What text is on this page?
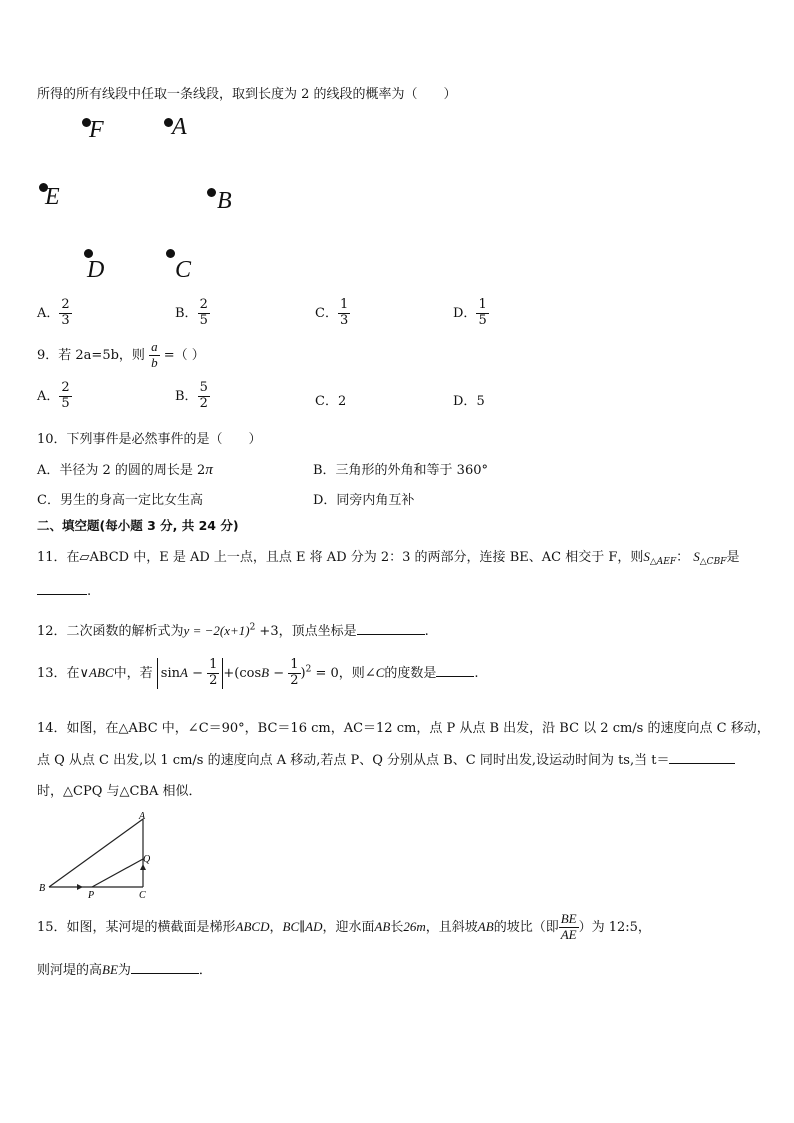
所得的所有线段中任取一条线段，取到长度为 2 的线段的概率为（　　）
F	A
E	B
D	C
A． $\frac{2}{3}$	B． $\frac{2}{5}$	C． $\frac{1}{3}$	D． $\frac{1}{5}$
9．若 2a=5b，则 $\frac{a}{b}$ =（ ）
A． $\frac{2}{5}$	B． $\frac{5}{2}$	C．2	D．5
10．下列事件是必然事件的是（　　）
A．半径为 2 的圆的周长是 2π	B．三角形的外角和等于 360°
C．男生的身高一定比女生高	D．同旁内角互补
二、填空题(每小题 3 分, 共 24 分)
11．在▱ABCD 中，E 是 AD 上一点，且点 E 将 AD 分为 2：3 的两部分，连接 BE、AC 相交于 F，则$S_{\triangle AEF}$： $S_{\triangle CBF}$是
.
12．二次函数的解析式为$y = -2(x+1)^2 +3$，顶点坐标是	.
13．在∨ABC中，若 $\sin A - \frac{1}{2} +(\cos B - \frac{1}{2} )^2 = 0$，则∠C的度数是	.
14．如图，在△ABC 中，∠C＝90°，BC＝16 cm，AC＝12 cm，点 P 从点 B 出发，沿 BC 以 2 cm/s 的速度向点 C 移动，
点 Q 从点 C 出发,以 1 cm/s 的速度向点 A 移动,若点 P、Q 分别从点 B、C 同时出发,设运动时间为 ts,当 t＝
时，△CPQ 与△CBA 相似．
A
B
C
P
Q
15．如图，某河堤的横截面是梯形ABCD，BC∥AD，迎水面AB长26m，且斜坡AB的坡比（即 $\frac{BE}{AE}$ ）为 12:5，
则河堤的高BE为	．
